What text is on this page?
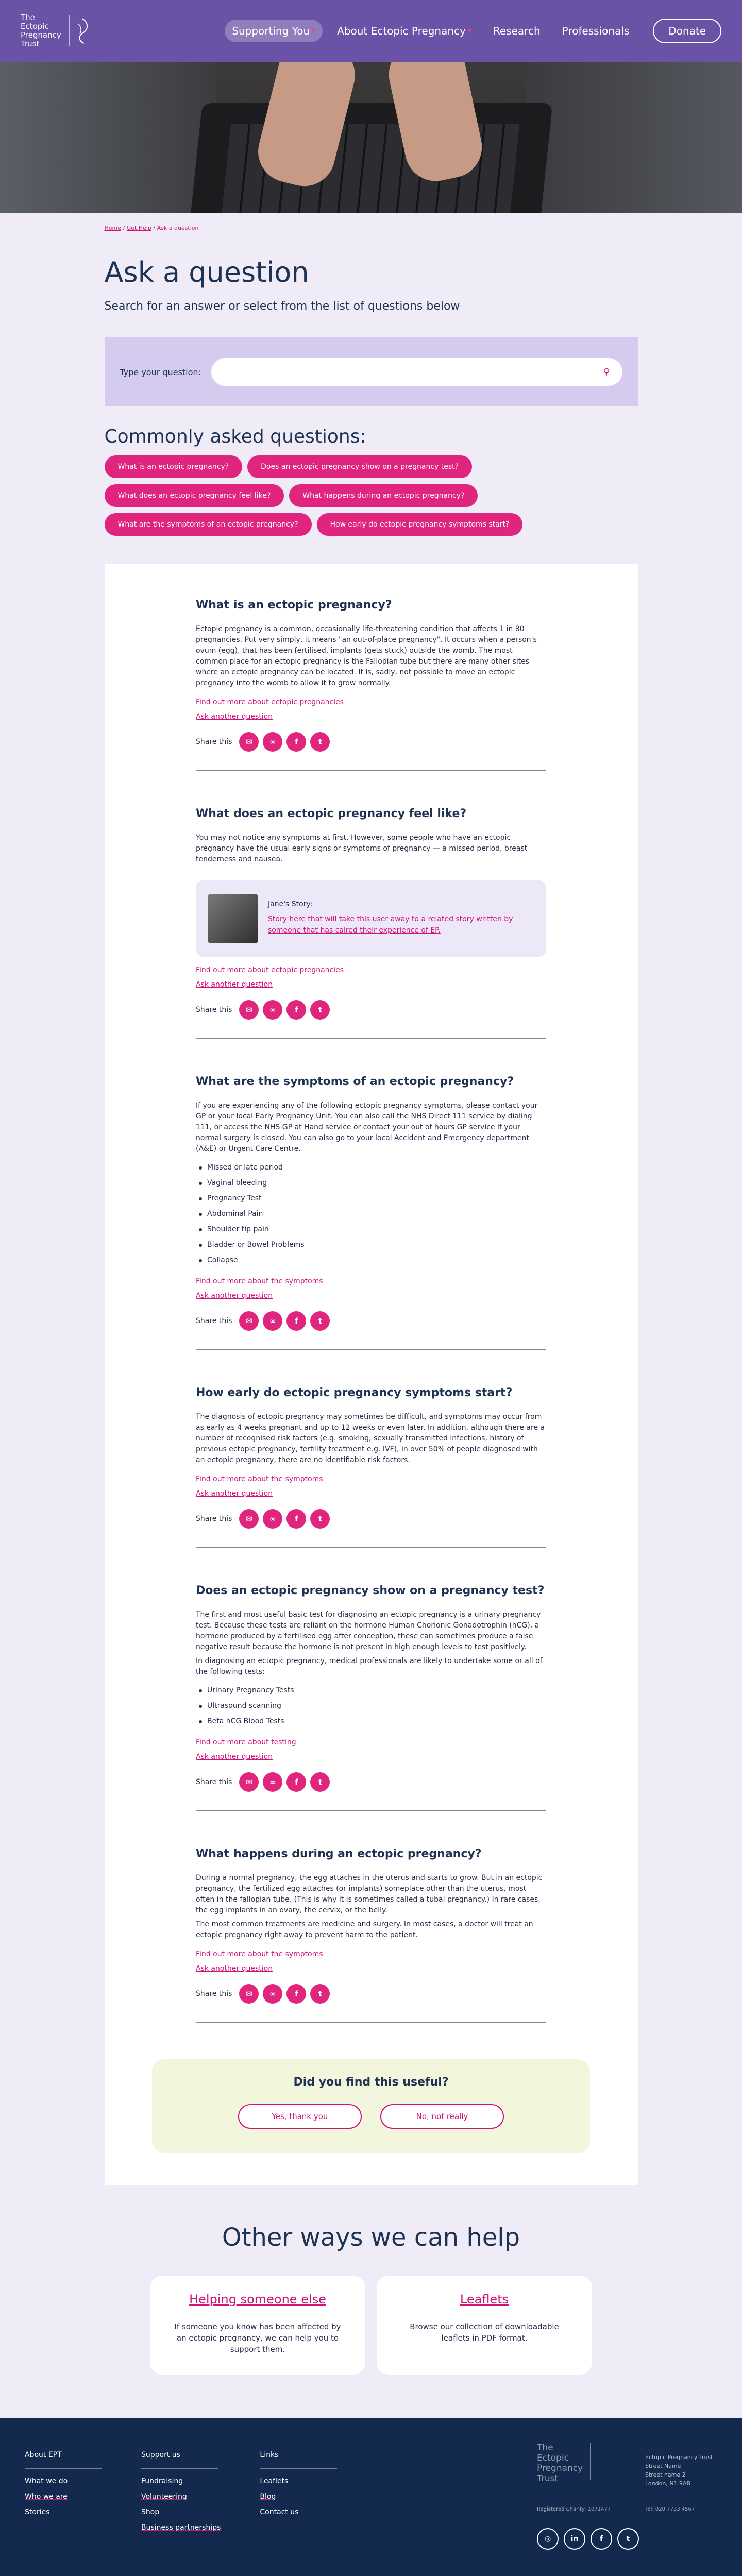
The
Ectopic
Pregnancy
Trust
Supporting You ▾ About Ectopic Pregnancy ▾ Research Professionals	Donate
Home / Get Help / Ask a question
Ask a question
Search for an answer or select from the list of questions below
Type your question:	⚲
Commonly asked questions:
What is an ectopic pregnancy?	Does an ectopic pregnancy show on a pregnancy test?
What does an ectopic pregnancy feel like?	What happens during an ectopic pregnancy?
What are the symptoms of an ectopic pregnancy?	How early do ectopic pregnancy symptoms start?
What is an ectopic pregnancy?

Ectopic pregnancy is a common, occasionally life-threatening condition that affects 1 in 80 pregnancies. Put very simply, it means "an out-of-place pregnancy". It occurs when a person's ovum (egg), that has been fertilised, implants (gets stuck) outside the womb. The most common place for an ectopic pregnancy is the Fallopian tube but there are many other sites where an ectopic pregnancy can be located. It is, sadly, not possible to move an ectopic pregnancy into the womb to allow it to grow normally.

Find out more about ectopic pregnancies
Ask another question
Share this	✉	∞	f	t
What does an ectopic pregnancy feel like?

You may not notice any symptoms at first. However, some people who have an ectopic pregnancy have the usual early signs or symptoms of pregnancy — a missed period, breast tenderness and nausea.

Jane's Story:
Story here that will take this user away to a related story written by someone that has calred their experience of EP.
Find out more about ectopic pregnancies
Ask another question
Share this	✉	∞	f	t
What are the symptoms of an ectopic pregnancy?

If you are experiencing any of the following ectopic pregnancy symptoms, please contact your GP or your local Early Pregnancy Unit. You can also call the NHS Direct 111 service by dialing 111, or access the NHS GP at Hand service or contact your out of hours GP service if your normal surgery is closed. You can also go to your local Accident and Emergency department (A&E) or Urgent Care Centre.

Missed or late period
Vaginal bleeding
Pregnancy Test
Abdominal Pain
Shoulder tip pain
Bladder or Bowel Problems
Collapse
Find out more about the symptoms
Ask another question
Share this	✉	∞	f	t
How early do ectopic pregnancy symptoms start?

The diagnosis of ectopic pregnancy may sometimes be difficult, and symptoms may occur from as early as 4 weeks pregnant and up to 12 weeks or even later. In addition, although there are a number of recognised risk factors (e.g. smoking, sexually transmitted infections, history of previous ectopic pregnancy, fertility treatment e.g. IVF), in over 50% of people diagnosed with an ectopic pregnancy, there are no identifiable risk factors.

Find out more about the symptoms
Ask another question
Share this	✉	∞	f	t
Does an ectopic pregnancy show on a pregnancy test?

The first and most useful basic test for diagnosing an ectopic pregnancy is a urinary pregnancy test. Because these tests are reliant on the hormone Human Chorionic Gonadotrophin (hCG), a hormone produced by a fertilised egg after conception, these can sometimes produce a false negative result because the hormone is not present in high enough levels to test positively.

In diagnosing an ectopic pregnancy, medical professionals are likely to undertake some or all of the following tests:

Urinary Pregnancy Tests
Ultrasound scanning
Beta hCG Blood Tests
Find out more about testing
Ask another question
Share this	✉	∞	f	t
What happens during an ectopic pregnancy?

During a normal pregnancy, the egg attaches in the uterus and starts to grow. But in an ectopic pregnancy, the fertilized egg attaches (or implants) someplace other than the uterus, most often in the fallopian tube. (This is why it is sometimes called a tubal pregnancy.) In rare cases, the egg implants in an ovary, the cervix, or the belly.

The most common treatments are medicine and surgery. In most cases, a doctor will treat an ectopic pregnancy right away to prevent harm to the patient.

Find out more about the symptoms
Ask another question
Share this	✉	∞	f	t
Did you find this useful?
Yes, thank you	No, not really
Other ways we can help
Helping someone else

If someone you know has been affected by an ectopic pregnancy, we can help you to support them.

Leaflets

Browse our collection of downloadable leaflets in PDF format.

About EPT
What we do
Who we are
Stories
Support us
Fundraising
Volunteering
Shop
Business partnerships
Links
Leaflets
Blog
Contact us
The
Ectopic
Pregnancy
Trust
Ectopic Pregnancy Trust
Street Name
Street name 2
London, N1 9AB
Registered Charity: 1071477	Tel: 020 7733 4567
◎	in	f	t
